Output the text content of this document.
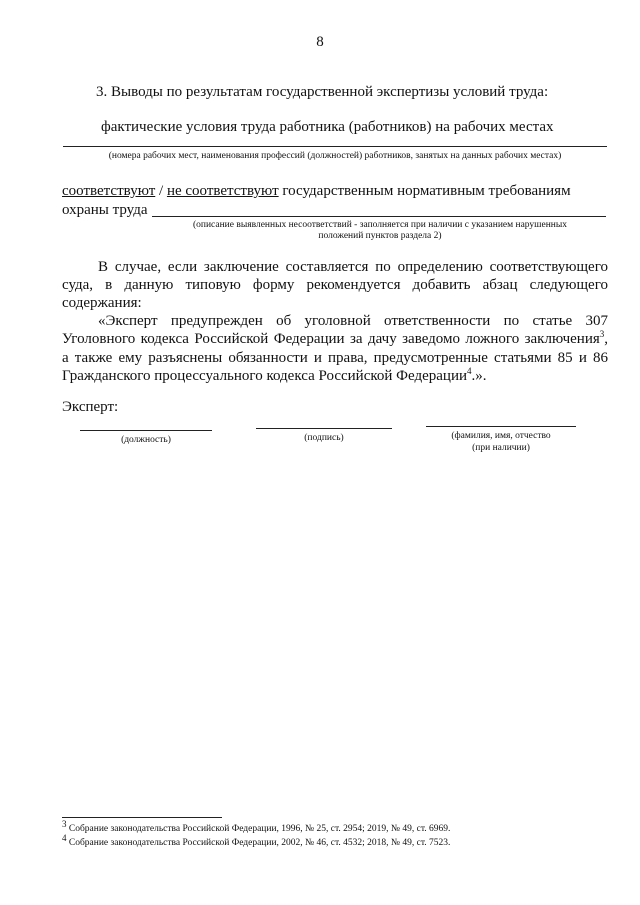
8
3. Выводы по результатам государственной экспертизы условий труда:
фактические условия труда работника (работников) на рабочих местах
(номера рабочих мест, наименования профессий (должностей) работников, занятых на данных рабочих местах)
соответствуют / не соответствуют государственным нормативным требованиям
охраны труда
(описание выявленных несоответствий - заполняется при наличии с указанием нарушенных
положений пунктов раздела 2)
В случае, если заключение составляется по определению соответствующего
суда, в данную типовую форму рекомендуется добавить абзац следующего
содержания:
«Эксперт предупрежден об уголовной ответственности по статье 307
Уголовного кодекса Российской Федерации за дачу заведомо ложного заключения$^3$,
а также ему разъяснены обязанности и права, предусмотренные статьями 85 и 86
Гражданского процессуального кодекса Российской Федерации$^4$.».
Эксперт:
(должность)	(подпись)	(фамилия, имя, отчество
(при наличии)
$^3$ Собрание законодательства Российской Федерации, 1996, № 25, ст. 2954; 2019, № 49, ст. 6969.
$^4$ Собрание законодательства Российской Федерации, 2002, № 46, ст. 4532; 2018, № 49, ст. 7523.
